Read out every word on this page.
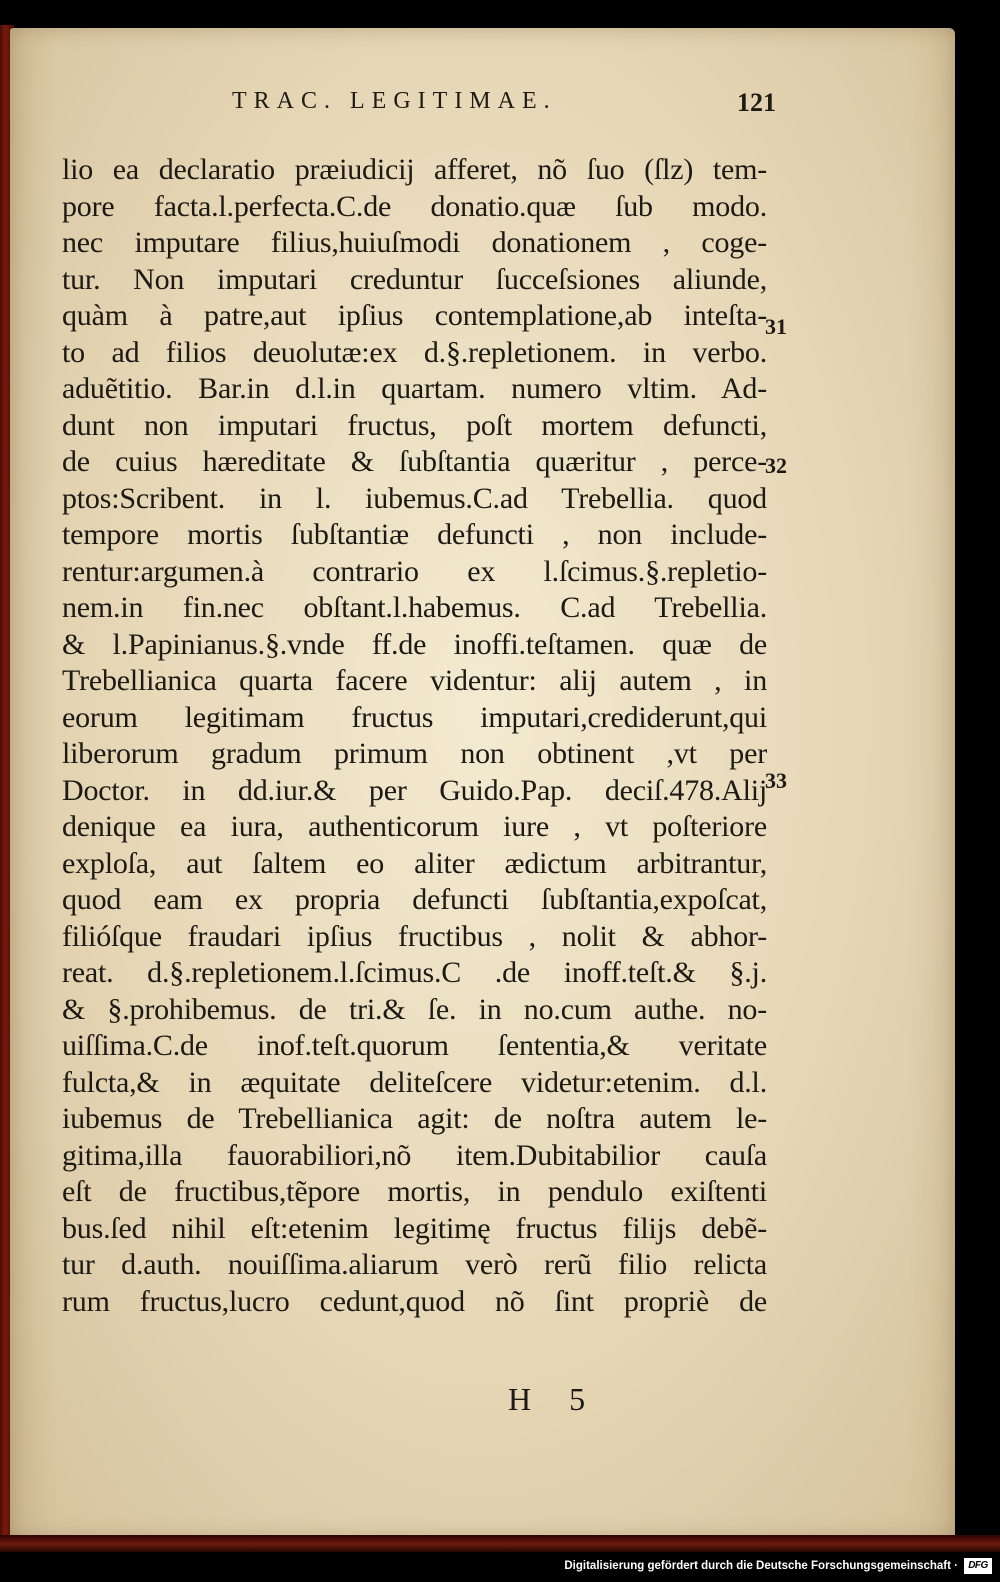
TRAC. LEGITIMAE.	121
lio ea declaratio præiudicij afferet, nõ ſuo (ſlz) tem-
pore facta.l.perfecta.C.de donatio.quæ ſub modo.
nec imputare filius,huiuſmodi donationem , coge-
tur. Non imputari creduntur ſucceſsiones aliunde,
quàm à patre,aut ipſius contemplatione,ab inteſta-
to ad filios deuolutæ:ex d.§.repletionem. in verbo.
aduẽtitio. Bar.in d.l.in quartam. numero vltim. Ad-
dunt non imputari fructus, poſt mortem defuncti,
de cuius hæreditate & ſubſtantia quæritur , perce-
ptos:Scribent. in l. iubemus.C.ad Trebellia. quod
tempore mortis ſubſtantiæ defuncti , non include-
rentur:argumen.à contrario ex l.ſcimus.§.repletio-
nem.in fin.nec obſtant.l.habemus. C.ad Trebellia.
& l.Papinianus.§.vnde ff.de inoffi.teſtamen. quæ de
Trebellianica quarta facere videntur: alij autem , in
eorum legitimam fructus imputari,crediderunt,qui
liberorum gradum primum non obtinent ,vt per
Doctor. in dd.iur.& per Guido.Pap. deciſ.478.Alij
denique ea iura, authenticorum iure , vt poſteriore
exploſa, aut ſaltem eo aliter ædictum arbitrantur,
quod eam ex propria defuncti ſubſtantia,expoſcat,
filióſque fraudari ipſius fructibus , nolit & abhor-
reat. d.§.repletionem.l.ſcimus.C .de inoff.teſt.& §.j.
& §.prohibemus. de tri.& ſe. in no.cum authe. no-
uiſſima.C.de inof.teſt.quorum ſententia,& veritate
fulcta,& in æquitate deliteſcere videtur:etenim. d.l.
iubemus de Trebellianica agit: de noſtra autem le-
gitima,illa fauorabiliori,nõ item.Dubitabilior cauſa
eſt de fructibus,tẽpore mortis, in pendulo exiſtenti
bus.ſed nihil eſt:etenim legitimę fructus filijs debẽ-
tur d.auth. nouiſſima.aliarum verò rerũ filio relicta
rum fructus,lucro cedunt,quod nõ ſint propriè de
31
32
33
H 5
Digitalisierung gefördert durch die Deutsche Forschungsgemeinschaft ·	DFG
